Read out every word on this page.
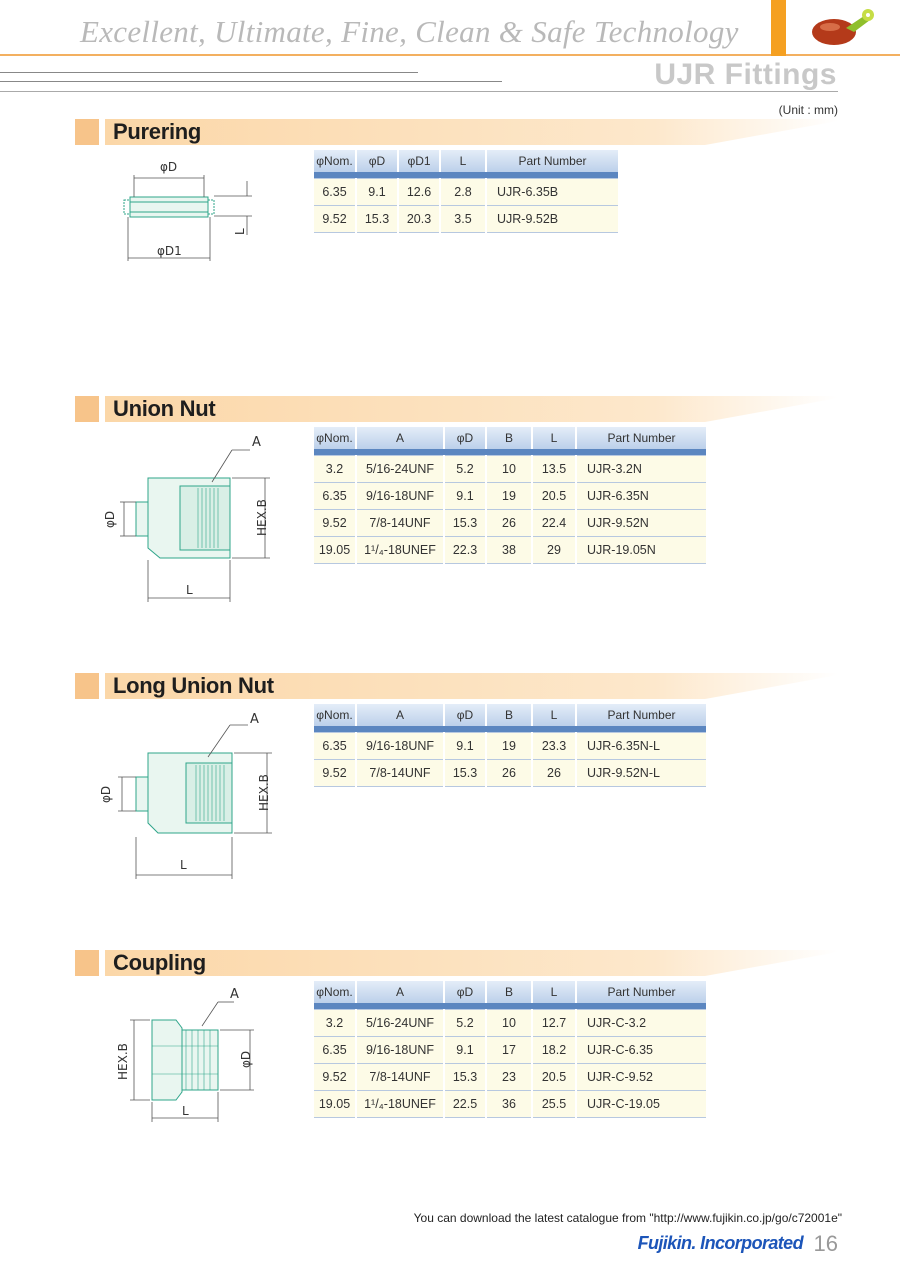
Excellent, Ultimate, Fine, Clean & Safe Technology
UJR Fittings
(Unit : mm)
Purering
φD
φD1
L
φNom.	φD	φD1	L	Part Number

6.35	9.1	12.6	2.8	UJR-6.35B
9.52	15.3	20.3	3.5	UJR-9.52B
Union Nut
A
φD	HEX.B
L
φNom.	A	φD	B	L	Part Number

3.2	5/16-24UNF	5.2	10	13.5	UJR-3.2N
6.35	9/16-18UNF	9.1	19	20.5	UJR-6.35N
9.52	7/8-14UNF	15.3	26	22.4	UJR-9.52N
19.05	1¹/₄-18UNEF	22.3	38	29	UJR-19.05N
Long Union Nut
A
φD	HEX.B
L
φNom.	A	φD	B	L	Part Number

6.35	9/16-18UNF	9.1	19	23.3	UJR-6.35N-L
9.52	7/8-14UNF	15.3	26	26	UJR-9.52N-L
Coupling
A
HEX.B	φD
L
φNom.	A	φD	B	L	Part Number

3.2	5/16-24UNF	5.2	10	12.7	UJR-C-3.2
6.35	9/16-18UNF	9.1	17	18.2	UJR-C-6.35
9.52	7/8-14UNF	15.3	23	20.5	UJR-C-9.52
19.05	1¹/₄-18UNEF	22.5	36	25.5	UJR-C-19.05
You can download the latest catalogue from "http://www.fujikin.co.jp/go/c72001e"
Fujikin. Incorporated 16
